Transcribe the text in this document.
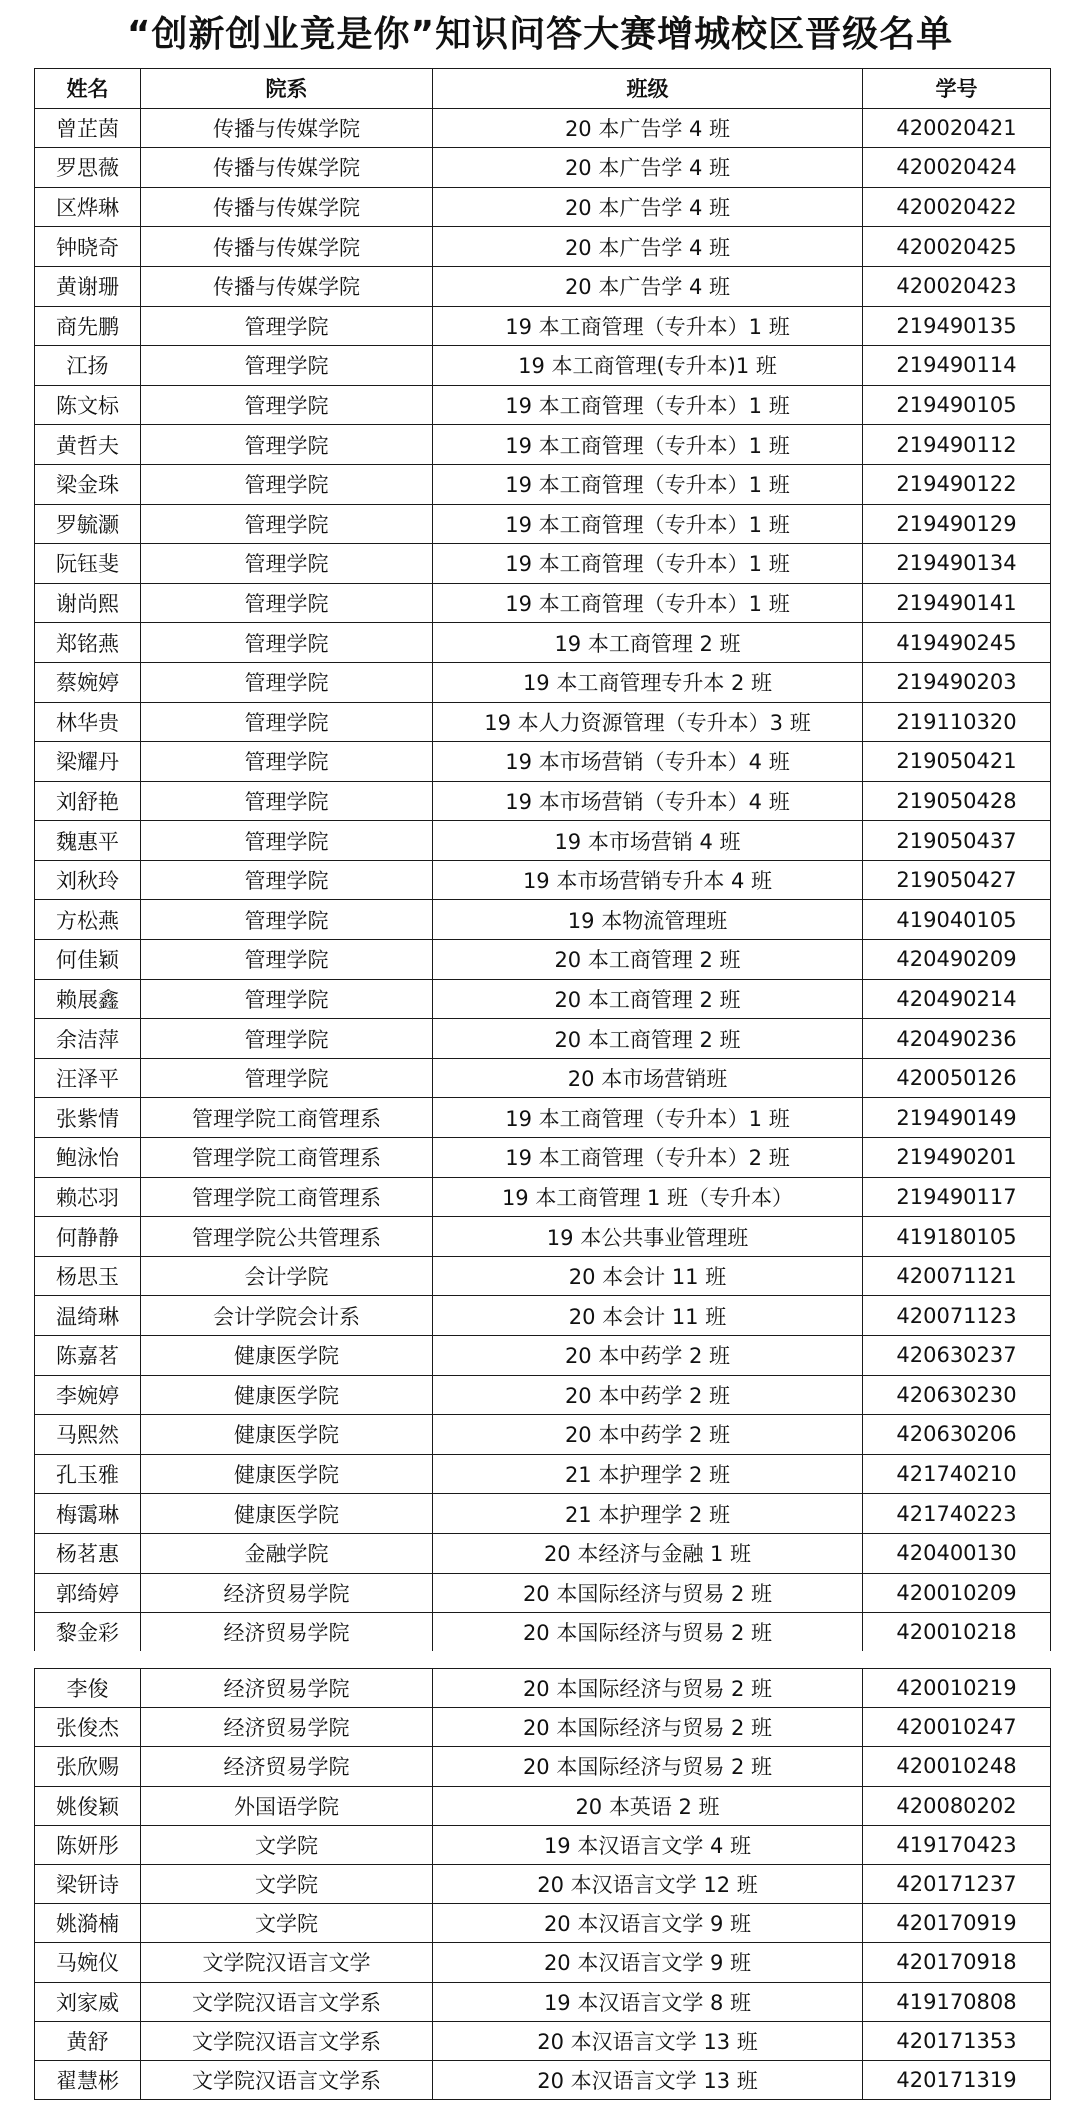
“创新创业竟是你”知识问答大赛增城校区晋级名单
姓名	院系	班级	学号
曾芷茵	传播与传媒学院	20 本广告学 4 班	420020421
罗思薇	传播与传媒学院	20 本广告学 4 班	420020424
区烨琳	传播与传媒学院	20 本广告学 4 班	420020422
钟晓奇	传播与传媒学院	20 本广告学 4 班	420020425
黄谢珊	传播与传媒学院	20 本广告学 4 班	420020423
商先鹏	管理学院	19 本工商管理（专升本）1 班	219490135
江扬	管理学院	19 本工商管理(专升本)1 班	219490114
陈文标	管理学院	19 本工商管理（专升本）1 班	219490105
黄哲夫	管理学院	19 本工商管理（专升本）1 班	219490112
梁金珠	管理学院	19 本工商管理（专升本）1 班	219490122
罗毓灏	管理学院	19 本工商管理（专升本）1 班	219490129
阮钰斐	管理学院	19 本工商管理（专升本）1 班	219490134
谢尚熙	管理学院	19 本工商管理（专升本）1 班	219490141
郑铭燕	管理学院	19 本工商管理 2 班	419490245
蔡婉婷	管理学院	19 本工商管理专升本 2 班	219490203
林华贵	管理学院	19 本人力资源管理（专升本）3 班	219110320
梁耀丹	管理学院	19 本市场营销（专升本）4 班	219050421
刘舒艳	管理学院	19 本市场营销（专升本）4 班	219050428
魏惠平	管理学院	19 本市场营销 4 班	219050437
刘秋玲	管理学院	19 本市场营销专升本 4 班	219050427
方松燕	管理学院	19 本物流管理班	419040105
何佳颖	管理学院	20 本工商管理 2 班	420490209
赖展鑫	管理学院	20 本工商管理 2 班	420490214
余洁萍	管理学院	20 本工商管理 2 班	420490236
汪泽平	管理学院	20 本市场营销班	420050126
张紫情	管理学院工商管理系	19 本工商管理（专升本）1 班	219490149
鲍泳怡	管理学院工商管理系	19 本工商管理（专升本）2 班	219490201
赖芯羽	管理学院工商管理系	19 本工商管理 1 班（专升本）	219490117
何静静	管理学院公共管理系	19 本公共事业管理班	419180105
杨思玉	会计学院	20 本会计 11 班	420071121
温绮琳	会计学院会计系	20 本会计 11 班	420071123
陈嘉茗	健康医学院	20 本中药学 2 班	420630237
李婉婷	健康医学院	20 本中药学 2 班	420630230
马熙然	健康医学院	20 本中药学 2 班	420630206
孔玉雅	健康医学院	21 本护理学 2 班	421740210
梅霭琳	健康医学院	21 本护理学 2 班	421740223
杨茗惠	金融学院	20 本经济与金融 1 班	420400130
郭绮婷	经济贸易学院	20 本国际经济与贸易 2 班	420010209
黎金彩	经济贸易学院	20 本国际经济与贸易 2 班	420010218
李俊	经济贸易学院	20 本国际经济与贸易 2 班	420010219
张俊杰	经济贸易学院	20 本国际经济与贸易 2 班	420010247
张欣赐	经济贸易学院	20 本国际经济与贸易 2 班	420010248
姚俊颖	外国语学院	20 本英语 2 班	420080202
陈妍彤	文学院	19 本汉语言文学 4 班	419170423
梁钘诗	文学院	20 本汉语言文学 12 班	420171237
姚漪楠	文学院	20 本汉语言文学 9 班	420170919
马婉仪	文学院汉语言文学	20 本汉语言文学 9 班	420170918
刘家威	文学院汉语言文学系	19 本汉语言文学 8 班	419170808
黄舒	文学院汉语言文学系	20 本汉语言文学 13 班	420171353
翟慧彬	文学院汉语言文学系	20 本汉语言文学 13 班	420171319
